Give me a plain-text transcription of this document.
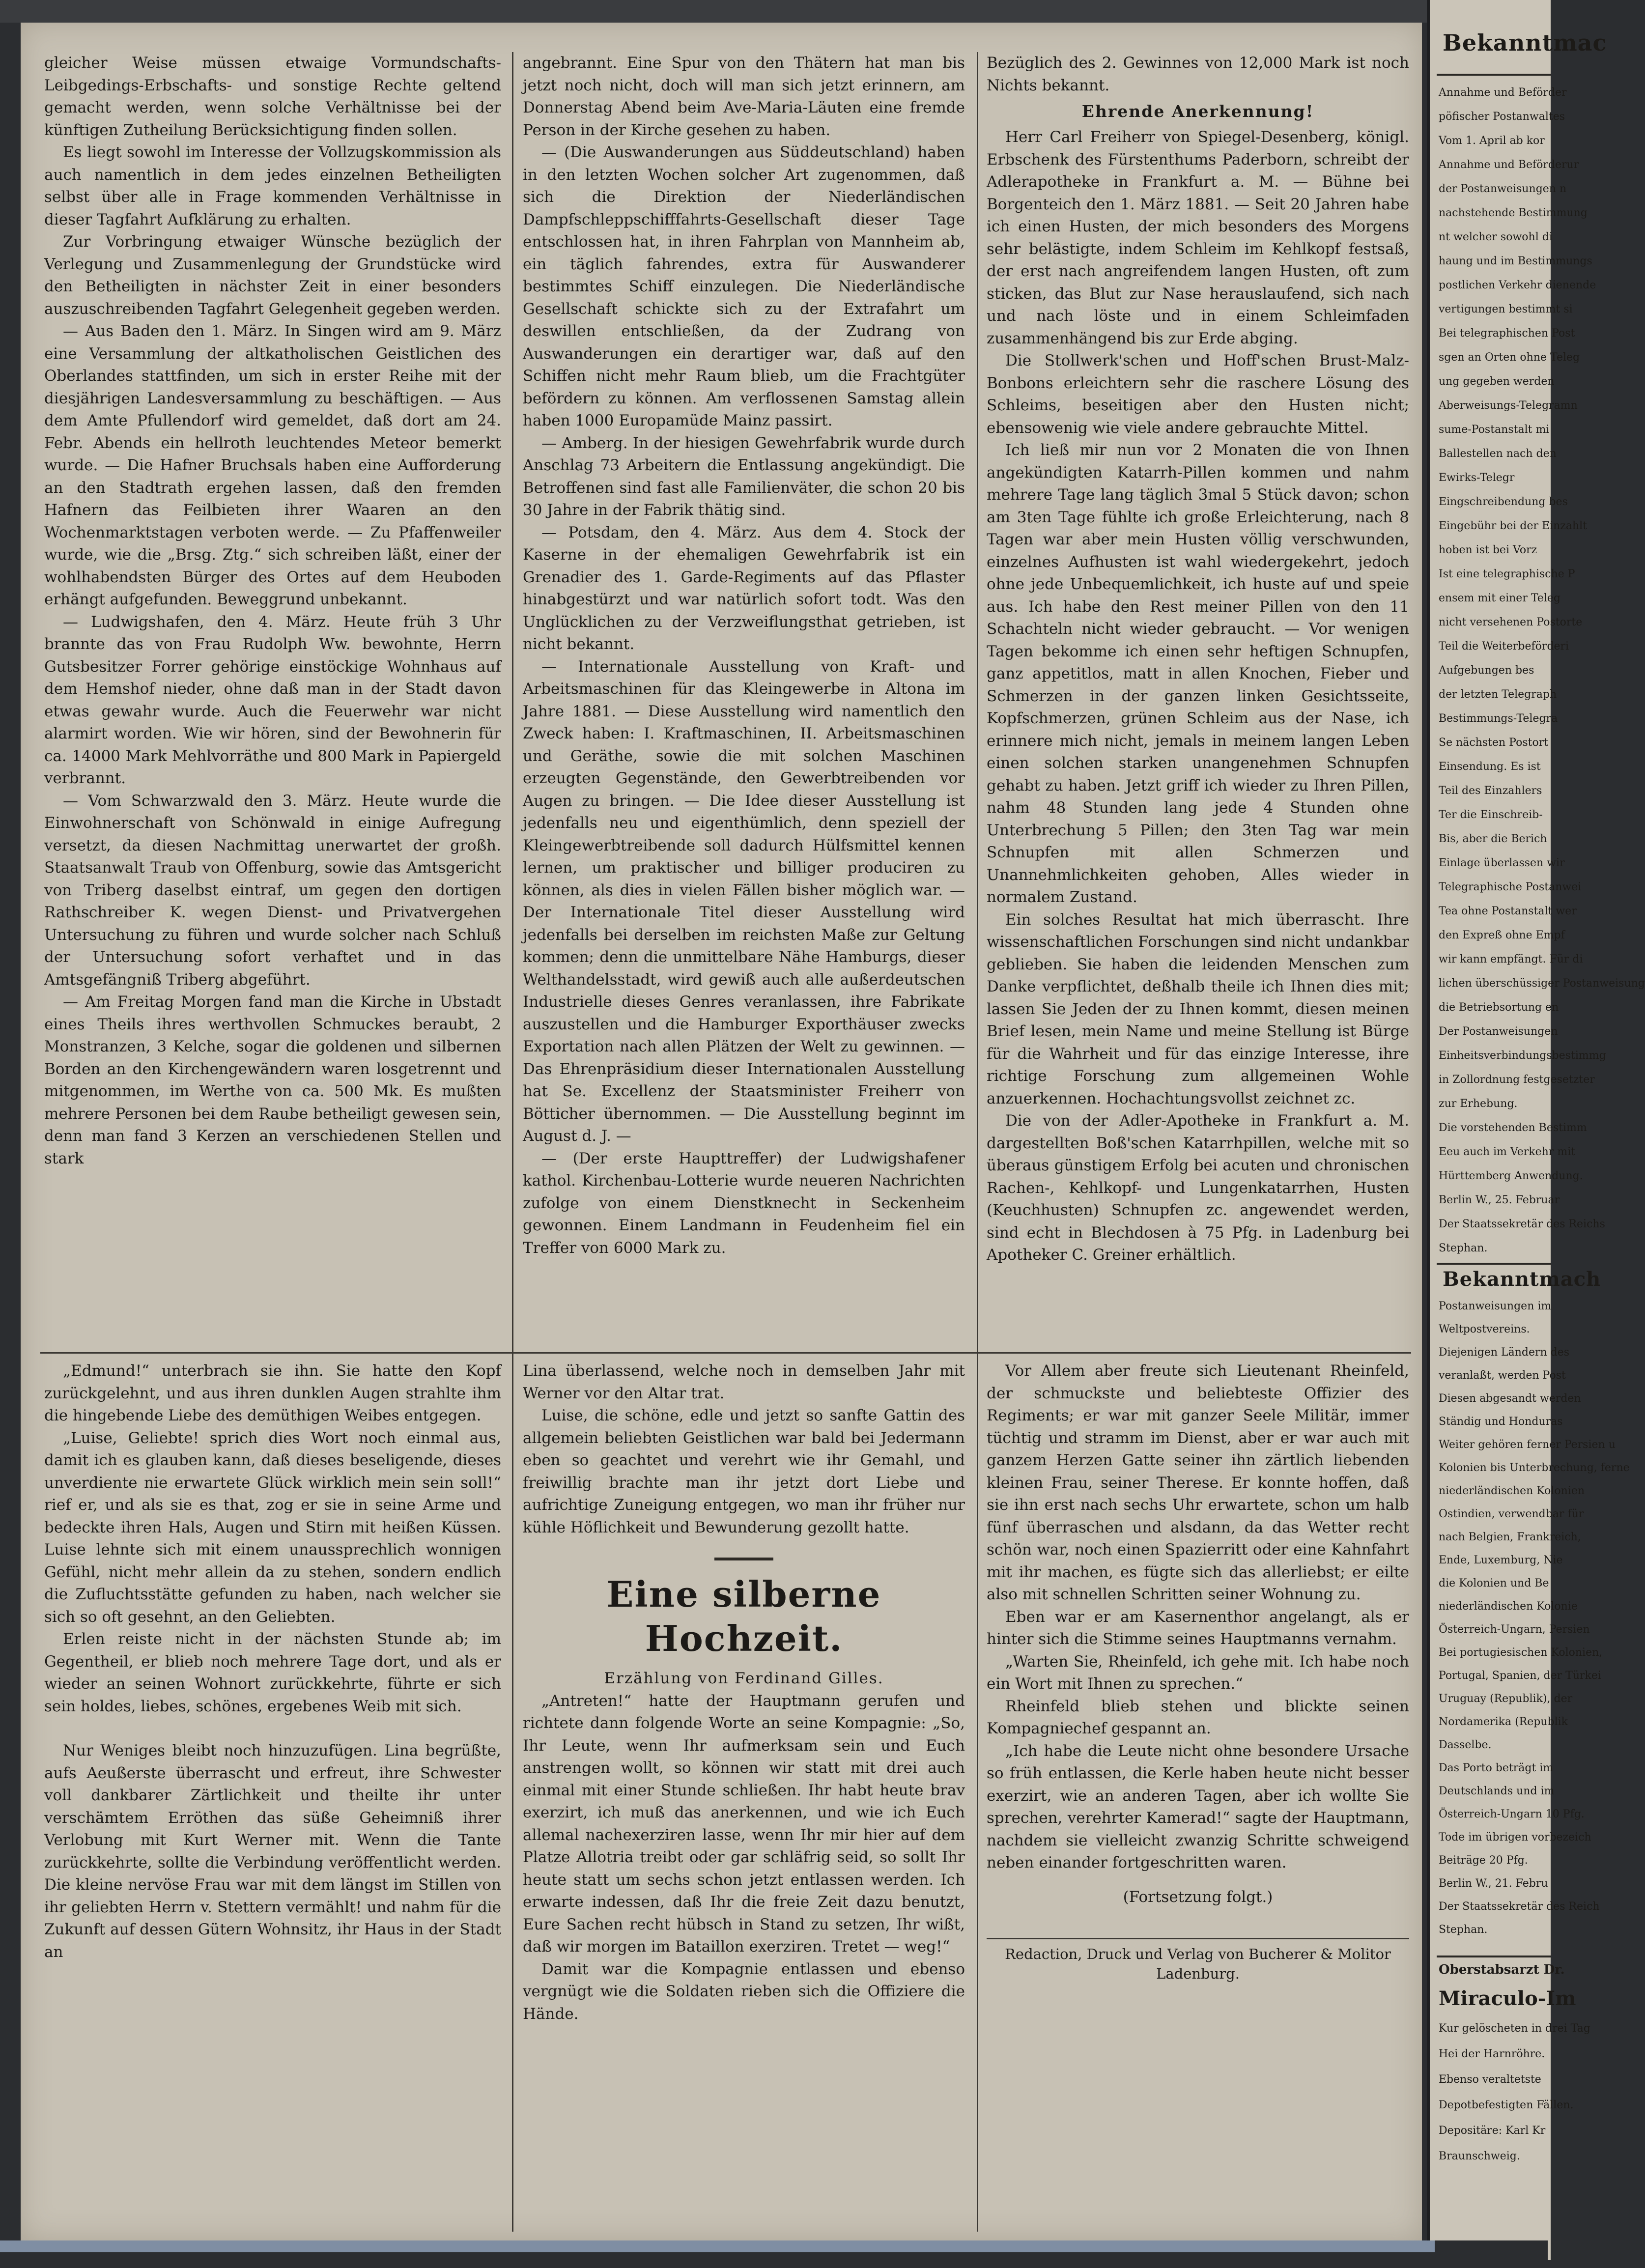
gleicher Weise müssen etwaige Vormundschafts-Leibgedings-Erbschafts- und sonstige Rechte geltend gemacht werden, wenn solche Verhältnisse bei der künftigen Zutheilung Berücksichtigung finden sollen.

Es liegt sowohl im Interesse der Vollzugskommission als auch namentlich in dem jedes einzelnen Betheiligten selbst über alle in Frage kommenden Verhältnisse in dieser Tagfahrt Aufklärung zu erhalten.

Zur Vorbringung etwaiger Wünsche bezüglich der Verlegung und Zusammenlegung der Grundstücke wird den Betheiligten in nächster Zeit in einer besonders auszuschreibenden Tagfahrt Gelegenheit gegeben werden.

— Aus Baden den 1. März. In Singen wird am 9. März eine Versammlung der altkatholischen Geistlichen des Oberlandes stattfinden, um sich in erster Reihe mit der diesjährigen Landesversammlung zu beschäftigen. — Aus dem Amte Pfullendorf wird gemeldet, daß dort am 24. Febr. Abends ein hellroth leuchtendes Meteor bemerkt wurde. — Die Hafner Bruchsals haben eine Aufforderung an den Stadtrath ergehen lassen, daß den fremden Hafnern das Feilbieten ihrer Waaren an den Wochenmarktstagen verboten werde. — Zu Pfaffenweiler wurde, wie die „Brsg. Ztg.“ sich schreiben läßt, einer der wohlhabendsten Bürger des Ortes auf dem Heuboden erhängt aufgefunden. Beweggrund unbekannt.

— Ludwigshafen, den 4. März. Heute früh 3 Uhr brannte das von Frau Rudolph Ww. bewohnte, Herrn Gutsbesitzer Forrer gehörige einstöckige Wohnhaus auf dem Hemshof nieder, ohne daß man in der Stadt davon etwas gewahr wurde. Auch die Feuerwehr war nicht alarmirt worden. Wie wir hören, sind der Bewohnerin für ca. 14000 Mark Mehlvorräthe und 800 Mark in Papiergeld verbrannt.

— Vom Schwarzwald den 3. März. Heute wurde die Einwohnerschaft von Schönwald in einige Aufregung versetzt, da diesen Nachmittag unerwartet der großh. Staatsanwalt Traub von Offenburg, sowie das Amtsgericht von Triberg daselbst eintraf, um gegen den dortigen Rathschreiber K. wegen Dienst- und Privatvergehen Untersuchung zu führen und wurde solcher nach Schluß der Untersuchung sofort verhaftet und in das Amtsgefängniß Triberg abgeführt.

— Am Freitag Morgen fand man die Kirche in Ubstadt eines Theils ihres werthvollen Schmuckes beraubt, 2 Monstranzen, 3 Kelche, sogar die goldenen und silbernen Borden an den Kirchengewändern waren losgetrennt und mitgenommen, im Werthe von ca. 500 Mk. Es mußten mehrere Personen bei dem Raube betheiligt gewesen sein, denn man fand 3 Kerzen an verschiedenen Stellen und stark

angebrannt. Eine Spur von den Thätern hat man bis jetzt noch nicht, doch will man sich jetzt erinnern, am Donnerstag Abend beim Ave-Maria-Läuten eine fremde Person in der Kirche gesehen zu haben.

— (Die Auswanderungen aus Süddeutschland) haben in den letzten Wochen solcher Art zugenommen, daß sich die Direktion der Niederländischen Dampfschleppschifffahrts-Gesellschaft dieser Tage entschlossen hat, in ihren Fahrplan von Mannheim ab, ein täglich fahrendes, extra für Auswanderer bestimmtes Schiff einzulegen. Die Niederländische Gesellschaft schickte sich zu der Extrafahrt um deswillen entschließen, da der Zudrang von Auswanderungen ein derartiger war, daß auf den Schiffen nicht mehr Raum blieb, um die Frachtgüter befördern zu können. Am verflossenen Samstag allein haben 1000 Europamüde Mainz passirt.

— Amberg. In der hiesigen Gewehrfabrik wurde durch Anschlag 73 Arbeitern die Entlassung angekündigt. Die Betroffenen sind fast alle Familienväter, die schon 20 bis 30 Jahre in der Fabrik thätig sind.

— Potsdam, den 4. März. Aus dem 4. Stock der Kaserne in der ehemaligen Gewehrfabrik ist ein Grenadier des 1. Garde-Regiments auf das Pflaster hinabgestürzt und war natürlich sofort todt. Was den Unglücklichen zu der Verzweiflungsthat getrieben, ist nicht bekannt.

— Internationale Ausstellung von Kraft- und Arbeitsmaschinen für das Kleingewerbe in Altona im Jahre 1881. — Diese Ausstellung wird namentlich den Zweck haben: I. Kraftmaschinen, II. Arbeitsmaschinen und Geräthe, sowie die mit solchen Maschinen erzeugten Gegenstände, den Gewerbtreibenden vor Augen zu bringen. — Die Idee dieser Ausstellung ist jedenfalls neu und eigenthümlich, denn speziell der Kleingewerbtreibende soll dadurch Hülfsmittel kennen lernen, um praktischer und billiger produciren zu können, als dies in vielen Fällen bisher möglich war. — Der Internationale Titel dieser Ausstellung wird jedenfalls bei derselben im reichsten Maße zur Geltung kommen; denn die unmittelbare Nähe Hamburgs, dieser Welthandelsstadt, wird gewiß auch alle außerdeutschen Industrielle dieses Genres veranlassen, ihre Fabrikate auszustellen und die Hamburger Exporthäuser zwecks Exportation nach allen Plätzen der Welt zu gewinnen. — Das Ehrenpräsidium dieser Internationalen Ausstellung hat Se. Excellenz der Staatsminister Freiherr von Bötticher übernommen. — Die Ausstellung beginnt im August d. J. —

— (Der erste Haupttreffer) der Ludwigshafener kathol. Kirchenbau-Lotterie wurde neueren Nachrichten zufolge von einem Dienstknecht in Seckenheim gewonnen. Einem Landmann in Feudenheim fiel ein Treffer von 6000 Mark zu.

Bezüglich des 2. Gewinnes von 12,000 Mark ist noch Nichts bekannt.

Ehrende Anerkennung!

Herr Carl Freiherr von Spiegel-Desenberg, königl. Erbschenk des Fürstenthums Paderborn, schreibt der Adlerapotheke in Frankfurt a. M. — Bühne bei Borgenteich den 1. März 1881. — Seit 20 Jahren habe ich einen Husten, der mich besonders des Morgens sehr belästigte, indem Schleim im Kehlkopf festsaß, der erst nach angreifendem langen Husten, oft zum sticken, das Blut zur Nase herauslaufend, sich nach und nach löste und in einem Schleimfaden zusammenhängend bis zur Erde abging.

Die Stollwerk'schen und Hoff'schen Brust-Malz-Bonbons erleichtern sehr die raschere Lösung des Schleims, beseitigen aber den Husten nicht; ebensowenig wie viele andere gebrauchte Mittel.

Ich ließ mir nun vor 2 Monaten die von Ihnen angekündigten Katarrh-Pillen kommen und nahm mehrere Tage lang täglich 3mal 5 Stück davon; schon am 3ten Tage fühlte ich große Erleichterung, nach 8 Tagen war aber mein Husten völlig verschwunden, einzelnes Aufhusten ist wahl wiedergekehrt, jedoch ohne jede Unbequemlichkeit, ich huste auf und speie aus. Ich habe den Rest meiner Pillen von den 11 Schachteln nicht wieder gebraucht. — Vor wenigen Tagen bekomme ich einen sehr heftigen Schnupfen, ganz appetitlos, matt in allen Knochen, Fieber und Schmerzen in der ganzen linken Gesichtsseite, Kopfschmerzen, grünen Schleim aus der Nase, ich erinnere mich nicht, jemals in meinem langen Leben einen solchen starken unangenehmen Schnupfen gehabt zu haben. Jetzt griff ich wieder zu Ihren Pillen, nahm 48 Stunden lang jede 4 Stunden ohne Unterbrechung 5 Pillen; den 3ten Tag war mein Schnupfen mit allen Schmerzen und Unannehmlichkeiten gehoben, Alles wieder in normalem Zustand.

Ein solches Resultat hat mich überrascht. Ihre wissenschaftlichen Forschungen sind nicht undankbar geblieben. Sie haben die leidenden Menschen zum Danke verpflichtet, deßhalb theile ich Ihnen dies mit; lassen Sie Jeden der zu Ihnen kommt, diesen meinen Brief lesen, mein Name und meine Stellung ist Bürge für die Wahrheit und für das einzige Interesse, ihre richtige Forschung zum allgemeinen Wohle anzuerkennen. Hochachtungsvollst zeichnet zc.

Die von der Adler-Apotheke in Frankfurt a. M. dargestellten Boß'schen Katarrhpillen, welche mit so überaus günstigem Erfolg bei acuten und chronischen Rachen-, Kehlkopf- und Lungenkatarrhen, Husten (Keuchhusten) Schnupfen zc. angewendet werden, sind echt in Blechdosen à 75 Pfg. in Ladenburg bei Apotheker C. Greiner erhältlich.

„Edmund!“ unterbrach sie ihn. Sie hatte den Kopf zurückgelehnt, und aus ihren dunklen Augen strahlte ihm die hingebende Liebe des demüthigen Weibes entgegen.

„Luise, Geliebte! sprich dies Wort noch einmal aus, damit ich es glauben kann, daß dieses beseligende, dieses unverdiente nie erwartete Glück wirklich mein sein soll!“ rief er, und als sie es that, zog er sie in seine Arme und bedeckte ihren Hals, Augen und Stirn mit heißen Küssen. Luise lehnte sich mit einem unaussprechlich wonnigen Gefühl, nicht mehr allein da zu stehen, sondern endlich die Zufluchtsstätte gefunden zu haben, nach welcher sie sich so oft gesehnt, an den Geliebten.

Erlen reiste nicht in der nächsten Stunde ab; im Gegentheil, er blieb noch mehrere Tage dort, und als er wieder an seinen Wohnort zurückkehrte, führte er sich sein holdes, liebes, schönes, ergebenes Weib mit sich.

Nur Weniges bleibt noch hinzuzufügen. Lina begrüßte, aufs Aeußerste überrascht und erfreut, ihre Schwester voll dankbarer Zärtlichkeit und theilte ihr unter verschämtem Erröthen das süße Geheimniß ihrer Verlobung mit Kurt Werner mit. Wenn die Tante zurückkehrte, sollte die Verbindung veröffentlicht werden. Die kleine nervöse Frau war mit dem längst im Stillen von ihr geliebten Herrn v. Stettern vermählt! und nahm für die Zukunft auf dessen Gütern Wohnsitz, ihr Haus in der Stadt an

Lina überlassend, welche noch in demselben Jahr mit Werner vor den Altar trat.

Luise, die schöne, edle und jetzt so sanfte Gattin des allgemein beliebten Geistlichen war bald bei Jedermann eben so geachtet und verehrt wie ihr Gemahl, und freiwillig brachte man ihr jetzt dort Liebe und aufrichtige Zuneigung entgegen, wo man ihr früher nur kühle Höflichkeit und Bewunderung gezollt hatte.

Eine silberne Hochzeit.
Erzählung von Ferdinand Gilles.

„Antreten!“ hatte der Hauptmann gerufen und richtete dann folgende Worte an seine Kompagnie: „So, Ihr Leute, wenn Ihr aufmerksam sein und Euch anstrengen wollt, so können wir statt mit drei auch einmal mit einer Stunde schließen. Ihr habt heute brav exerzirt, ich muß das anerkennen, und wie ich Euch allemal nachexerziren lasse, wenn Ihr mir hier auf dem Platze Allotria treibt oder gar schläfrig seid, so sollt Ihr heute statt um sechs schon jetzt entlassen werden. Ich erwarte indessen, daß Ihr die freie Zeit dazu benutzt, Eure Sachen recht hübsch in Stand zu setzen, Ihr wißt, daß wir morgen im Bataillon exerziren. Tretet — weg!“

Damit war die Kompagnie entlassen und ebenso vergnügt wie die Soldaten rieben sich die Offiziere die Hände.

Vor Allem aber freute sich Lieutenant Rheinfeld, der schmuckste und beliebteste Offizier des Regiments; er war mit ganzer Seele Militär, immer tüchtig und stramm im Dienst, aber er war auch mit ganzem Herzen Gatte seiner ihn zärtlich liebenden kleinen Frau, seiner Therese. Er konnte hoffen, daß sie ihn erst nach sechs Uhr erwartete, schon um halb fünf überraschen und alsdann, da das Wetter recht schön war, noch einen Spazierritt oder eine Kahnfahrt mit ihr machen, es fügte sich das allerliebst; er eilte also mit schnellen Schritten seiner Wohnung zu.

Eben war er am Kasernenthor angelangt, als er hinter sich die Stimme seines Hauptmanns vernahm.

„Warten Sie, Rheinfeld, ich gehe mit. Ich habe noch ein Wort mit Ihnen zu sprechen.“

Rheinfeld blieb stehen und blickte seinen Kompagniechef gespannt an.

„Ich habe die Leute nicht ohne besondere Ursache so früh entlassen, die Kerle haben heute nicht besser exerzirt, wie an anderen Tagen, aber ich wollte Sie sprechen, verehrter Kamerad!“ sagte der Hauptmann, nachdem sie vielleicht zwanzig Schritte schweigend neben einander fortgeschritten waren.

(Fortsetzung folgt.)

Redaction, Druck und Verlag von Bucherer & Molitor
Ladenburg.
Bekanntmac
Annahme und Beförder
pöfischer Postanwaltes
Vom 1. April ab kor
Annahme und Beförderur
der Postanweisungen n
nachstehende Bestimmung
nt welcher sowohl di
haung und im Bestimmungs
postlichen Verkehr dienende
vertigungen bestimmt si
Bei telegraphischen Post
sgen an Orten ohne Teleg
ung gegeben werden
Aberweisungs-Telegramn
sume-Postanstalt mi
Ballestellen nach den
Ewirks-Telegr
Eingschreibendung bes
Eingebühr bei der Einzahlt
hoben ist bei Vorz
Ist eine telegraphische P
ensem mit einer Teleg
nicht versehenen Postorte
Teil die Weiterbeförderi
Aufgebungen bes
der letzten Telegraph
Bestimmungs-Telegra
Se nächsten Postort
Einsendung. Es ist
Teil des Einzahlers
Ter die Einschreib-
Bis, aber die Berich
Einlage überlassen wir
Telegraphische Postanwei
Tea ohne Postanstalt wer
den Expreß ohne Empf
wir kann empfängt. Für di
lichen überschüssiger Postanweisung
die Betriebsortung en
Der Postanweisungen
Einheitsverbindungsbestimmg
in Zollordnung festgesetzter
zur Erhebung.
Die vorstehenden Bestimm
Eeu auch im Verkehr mit
Hürttemberg Anwendung.
Berlin W., 25. Februar
Der Staatssekretär des Reichs
Stephan.
Bekanntmach
Postanweisungen im
Weltpostvereins.
Diejenigen Ländern des
veranlaßt, werden Post
Diesen abgesandt werden
Ständig und Honduras
Weiter gehören ferner Persien u
Kolonien bis Unterbrechung, ferne
niederländischen Kolonien
Ostindien, verwendbar für
nach Belgien, Frankreich,
Ende, Luxemburg, Nie
die Kolonien und Be
niederländischen Kolonie
Österreich-Ungarn, Persien
Bei portugiesischen Kolonien,
Portugal, Spanien, der Türkei
Uruguay (Republik), der
Nordamerika (Republik
Dasselbe.
Das Porto beträgt im
Deutschlands und im
Österreich-Ungarn 10 Pfg.
Tode im übrigen vorbezeich
Beiträge 20 Pfg.
Berlin W., 21. Febru
Der Staatssekretär des Reich
Stephan.
Oberstabsarzt Dr.
Miraculo-Im
Kur gelöscheten in drei Tag
Hei der Harnröhre.
Ebenso veraltetste
Depotbefestigten Fällen.
Depositäre: Karl Kr
Braunschweig.
